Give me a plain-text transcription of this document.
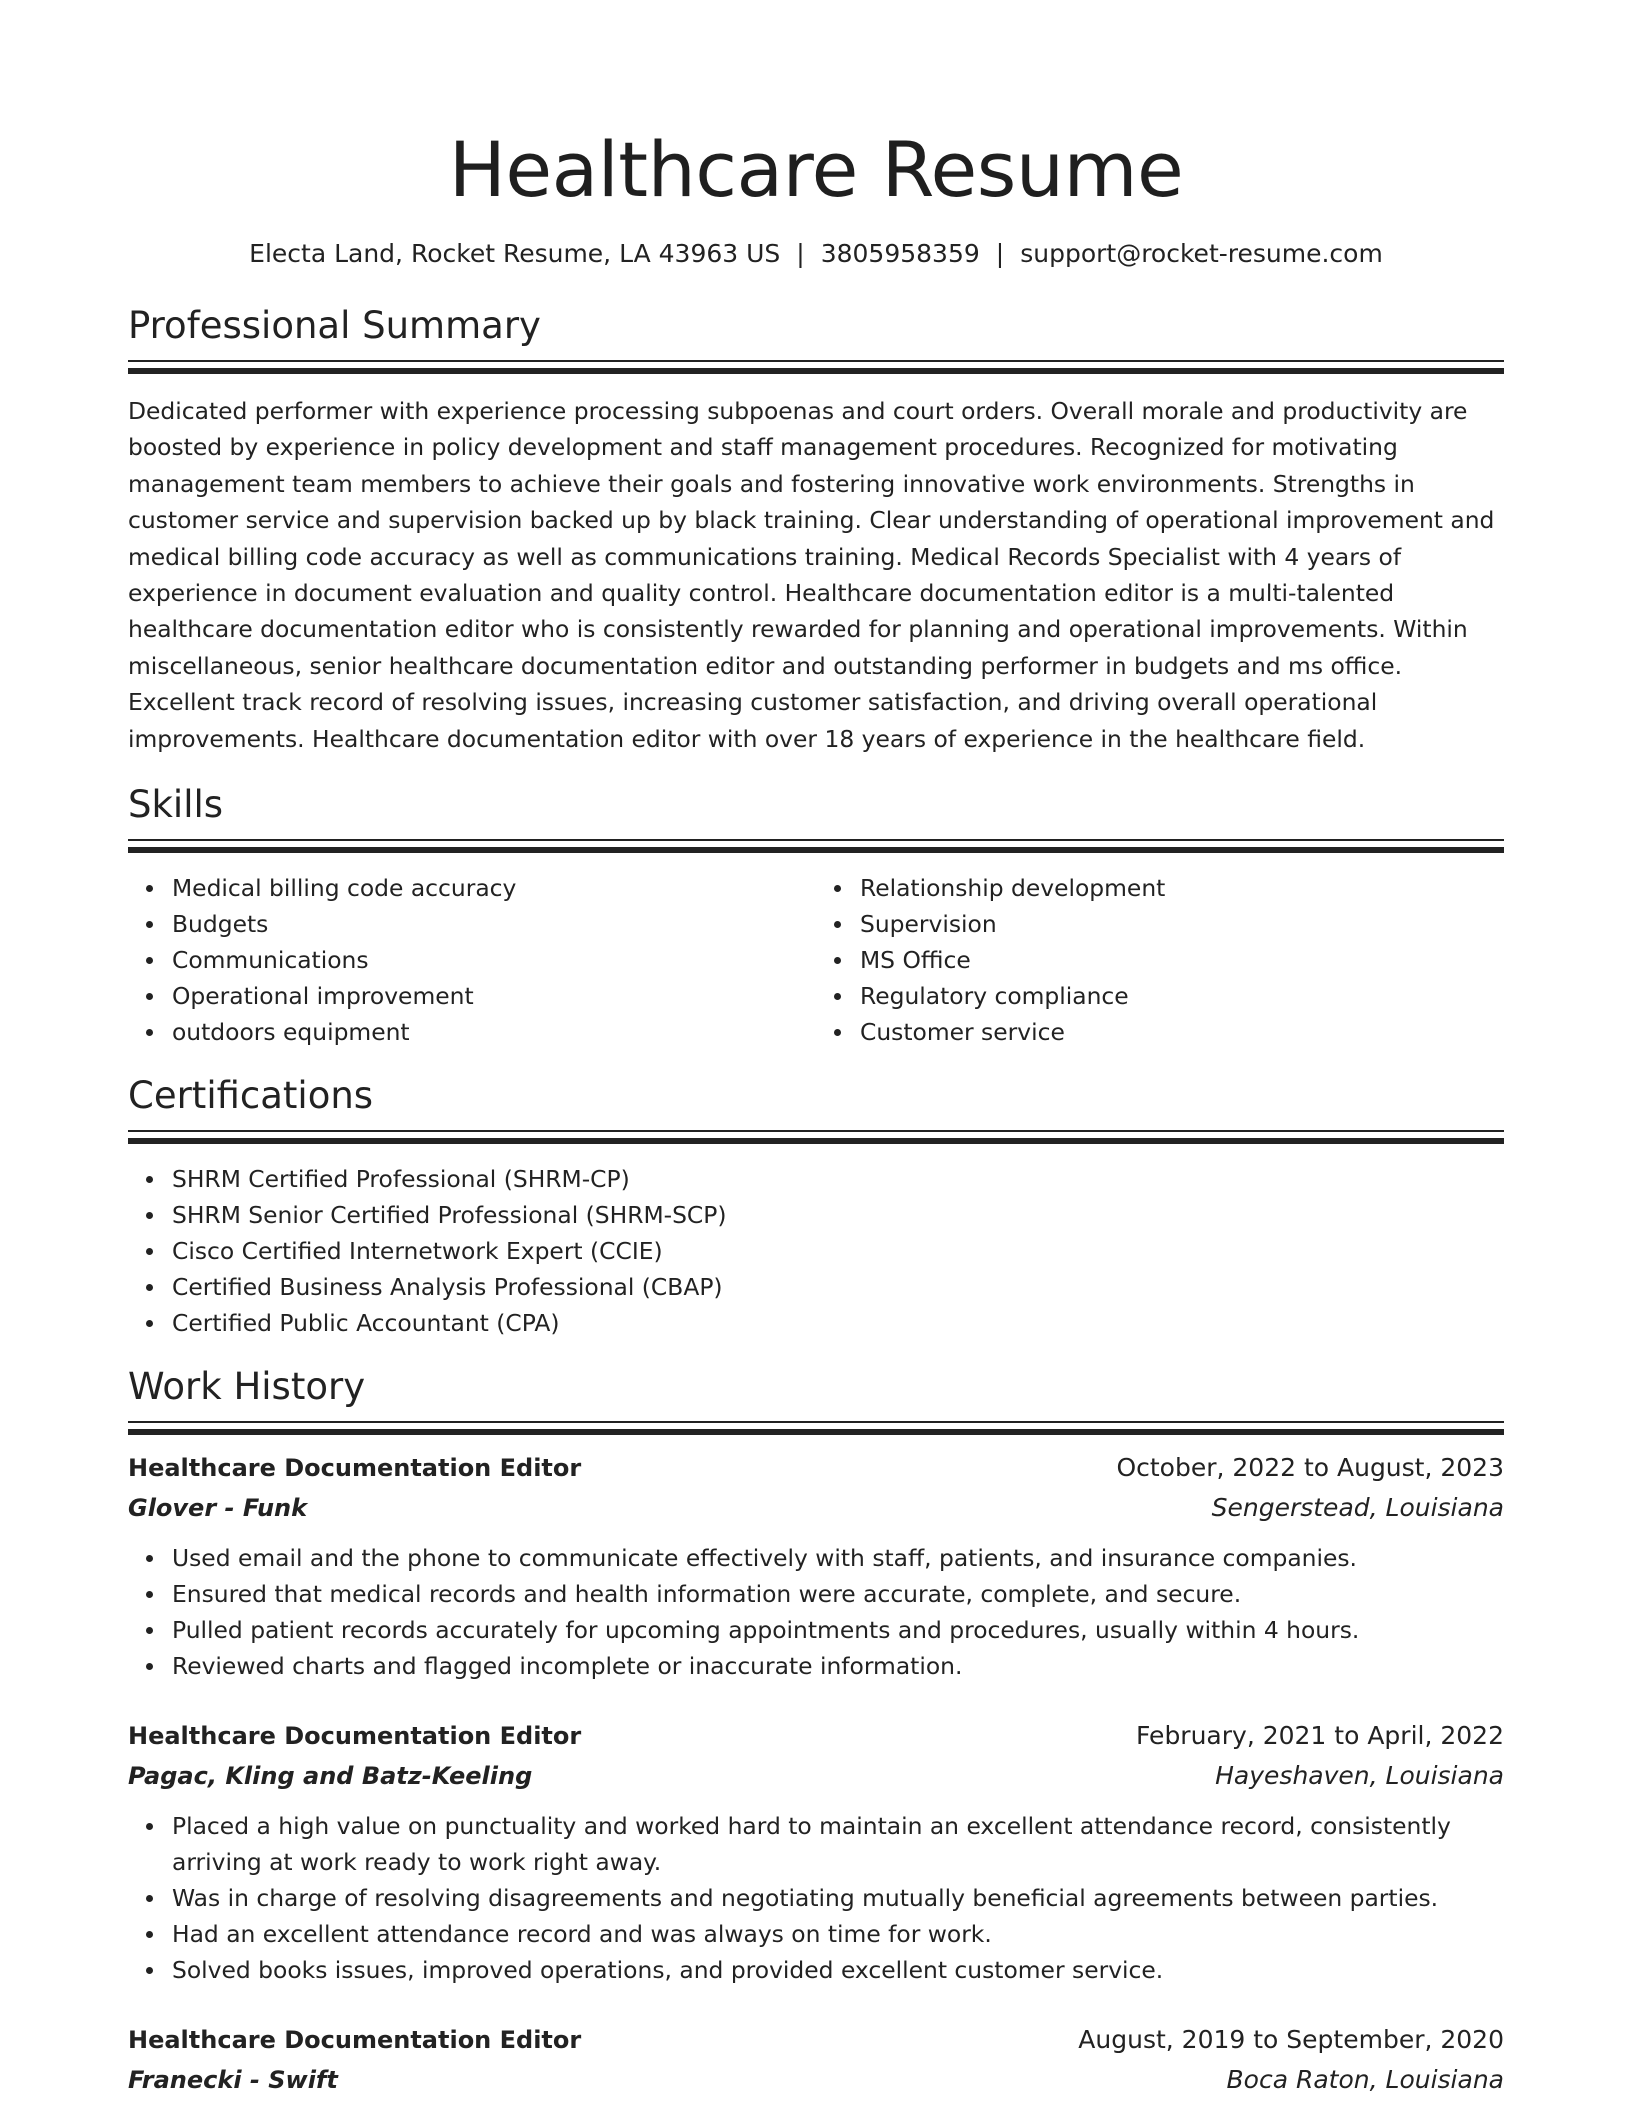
Healthcare Resume
Electa Land, Rocket Resume, LA 43963 US | 3805958359 | support@rocket-resume.com
Professional Summary

Dedicated performer with experience processing subpoenas and court orders. Overall morale and productivity are boosted by experience in policy development and staff management procedures. Recognized for motivating management team members to achieve their goals and fostering innovative work environments. Strengths in customer service and supervision backed up by black training. Clear understanding of operational improvement and medical billing code accuracy as well as communications training. Medical Records Specialist with 4 years of experience in document evaluation and quality control. Healthcare documentation editor is a multi-talented healthcare documentation editor who is consistently rewarded for planning and operational improvements. Within miscellaneous, senior healthcare documentation editor and outstanding performer in budgets and ms office. Excellent track record of resolving issues, increasing customer satisfaction, and driving overall operational improvements. Healthcare documentation editor with over 18 years of experience in the healthcare field.

Skills
Medical billing code accuracy
Budgets
Communications
Operational improvement
outdoors equipment
Relationship development
Supervision
MS Office
Regulatory compliance
Customer service
Certifications
SHRM Certified Professional (SHRM-CP)
SHRM Senior Certified Professional (SHRM-SCP)
Cisco Certified Internetwork Expert (CCIE)
Certified Business Analysis Professional (CBAP)
Certified Public Accountant (CPA)
Work History
Healthcare Documentation Editor	October, 2022 to August, 2023
Glover - Funk	Sengerstead, Louisiana
Used email and the phone to communicate effectively with staff, patients, and insurance companies.
Ensured that medical records and health information were accurate, complete, and secure.
Pulled patient records accurately for upcoming appointments and procedures, usually within 4 hours.
Reviewed charts and flagged incomplete or inaccurate information.
Healthcare Documentation Editor	February, 2021 to April, 2022
Pagac, Kling and Batz-Keeling	Hayeshaven, Louisiana
Placed a high value on punctuality and worked hard to maintain an excellent attendance record, consistently arriving at work ready to work right away.
Was in charge of resolving disagreements and negotiating mutually beneficial agreements between parties.
Had an excellent attendance record and was always on time for work.
Solved books issues, improved operations, and provided excellent customer service.
Healthcare Documentation Editor	August, 2019 to September, 2020
Franecki - Swift	Boca Raton, Louisiana
